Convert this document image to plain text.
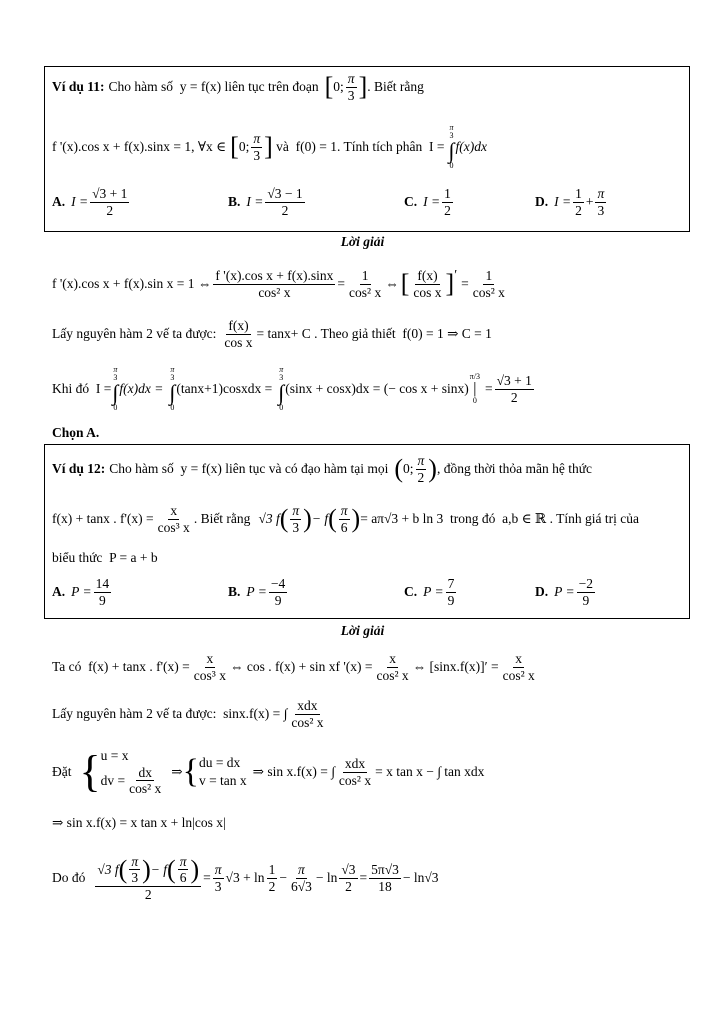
Ví dụ 11: Cho hàm số  y = f(x) liên tục trên đoạn [ 0; $\frac{\pi}{3}$ ] . Biết rằng
f '(x).cos x + f(x).sinx = 1, ∀x ∈ [ 0; $\frac{\pi}{3}$ ] và  f(0) = 1. Tính tích phân  I =
π
3
∫
0
f(x)dx
A. $I = \frac{√3 + 1}{2}$	B. $I = \frac{√3 - 1}{2}$	C. $I = \frac{1}{2}$	D. $I = \frac{1}{2} + \frac{\pi}{3}$
Lời giải
f '(x).cos x + f(x).sin x = 1 ⇔ $\frac{\text{f '(x).cos x + f(x).sinx}}{\text{cos² x}} = \frac{1}{\text{cos² x}}$ ⇔ [ $\frac{f(x)}{\text{cos x}}$ ] ′
= $\frac{1}{\text{cos² x}}$
Lấy nguyên hàm 2 vế ta được: $\frac{f(x)}{\text{cos x}} = \tan x+ C$ . Theo giả thiết  f(0) = 1 ⇒ C = 1
Khi đó  I =
π
3
∫
0
f(x)dx =
π
3
∫
0
(tanx+1)cosxdx =
π
3
∫
0
(sinx + cosx)dx = (− cos x + sinx)
π/3
|
0
= $\frac{√3 + 1}{2}$
Chọn A.
Ví dụ 12: Cho hàm số  y = f(x) liên tục và có đạo hàm tại mọi ( 0; $\frac{\pi}{2}$ ) , đồng thời thỏa mãn hệ thức
f(x) + tanx . $f'(x) = \frac{x}{\text{cos³ x}}$ . Biết rằng √3 f ( $\frac{\pi}{3}$ ) − f ( $\frac{\pi}{6}$ ) = aπ√3 + b ln 3  trong đó  a,b ∈ ℝ . Tính giá trị của
biểu thức  P = a + b
A. $P = \frac{14}{9}$	B. $P = \frac{-4}{9}$	C. $P = \frac{7}{9}$	D. $P = \frac{-2}{9}$
Lời giải
Ta có  f(x) + tanx . $f'(x) = \frac{x}{\text{cos³ x}}$ ⇔ cos . f(x) + sin xf '$(x) = \frac{x}{\text{cos² x}}$ ⇔ $[\sin x.f(x)]' = \frac{x}{\text{cos² x}}$
Lấy nguyên hàm 2 vế ta được:  sinx.f(x) = ∫ $\frac{\text{xdx}}{\text{cos² x}}$
Đặt { u = x
dv = $\frac{dx}{\text{cos² x}}$ ⇒ { du = dx
v = tan x
⇒ sin x.f(x) = ∫ $\frac{\text{xdx}}{\text{cos² x}} = x$ tan x − ∫ tan xdx
⇒ sin x.f(x) = x tan x + ln|cos x|
Do đó
√3 f ( $\frac{\pi}{3}$ ) − f ( $\frac{\pi}{6}$ )
2
= $\frac{\pi}{3} √3 + \ln \frac{1}{2} - \frac{\pi}{6√3} - \ln \frac{√3}{2} = \frac{5\pi√3}{18} - \ln√3$
